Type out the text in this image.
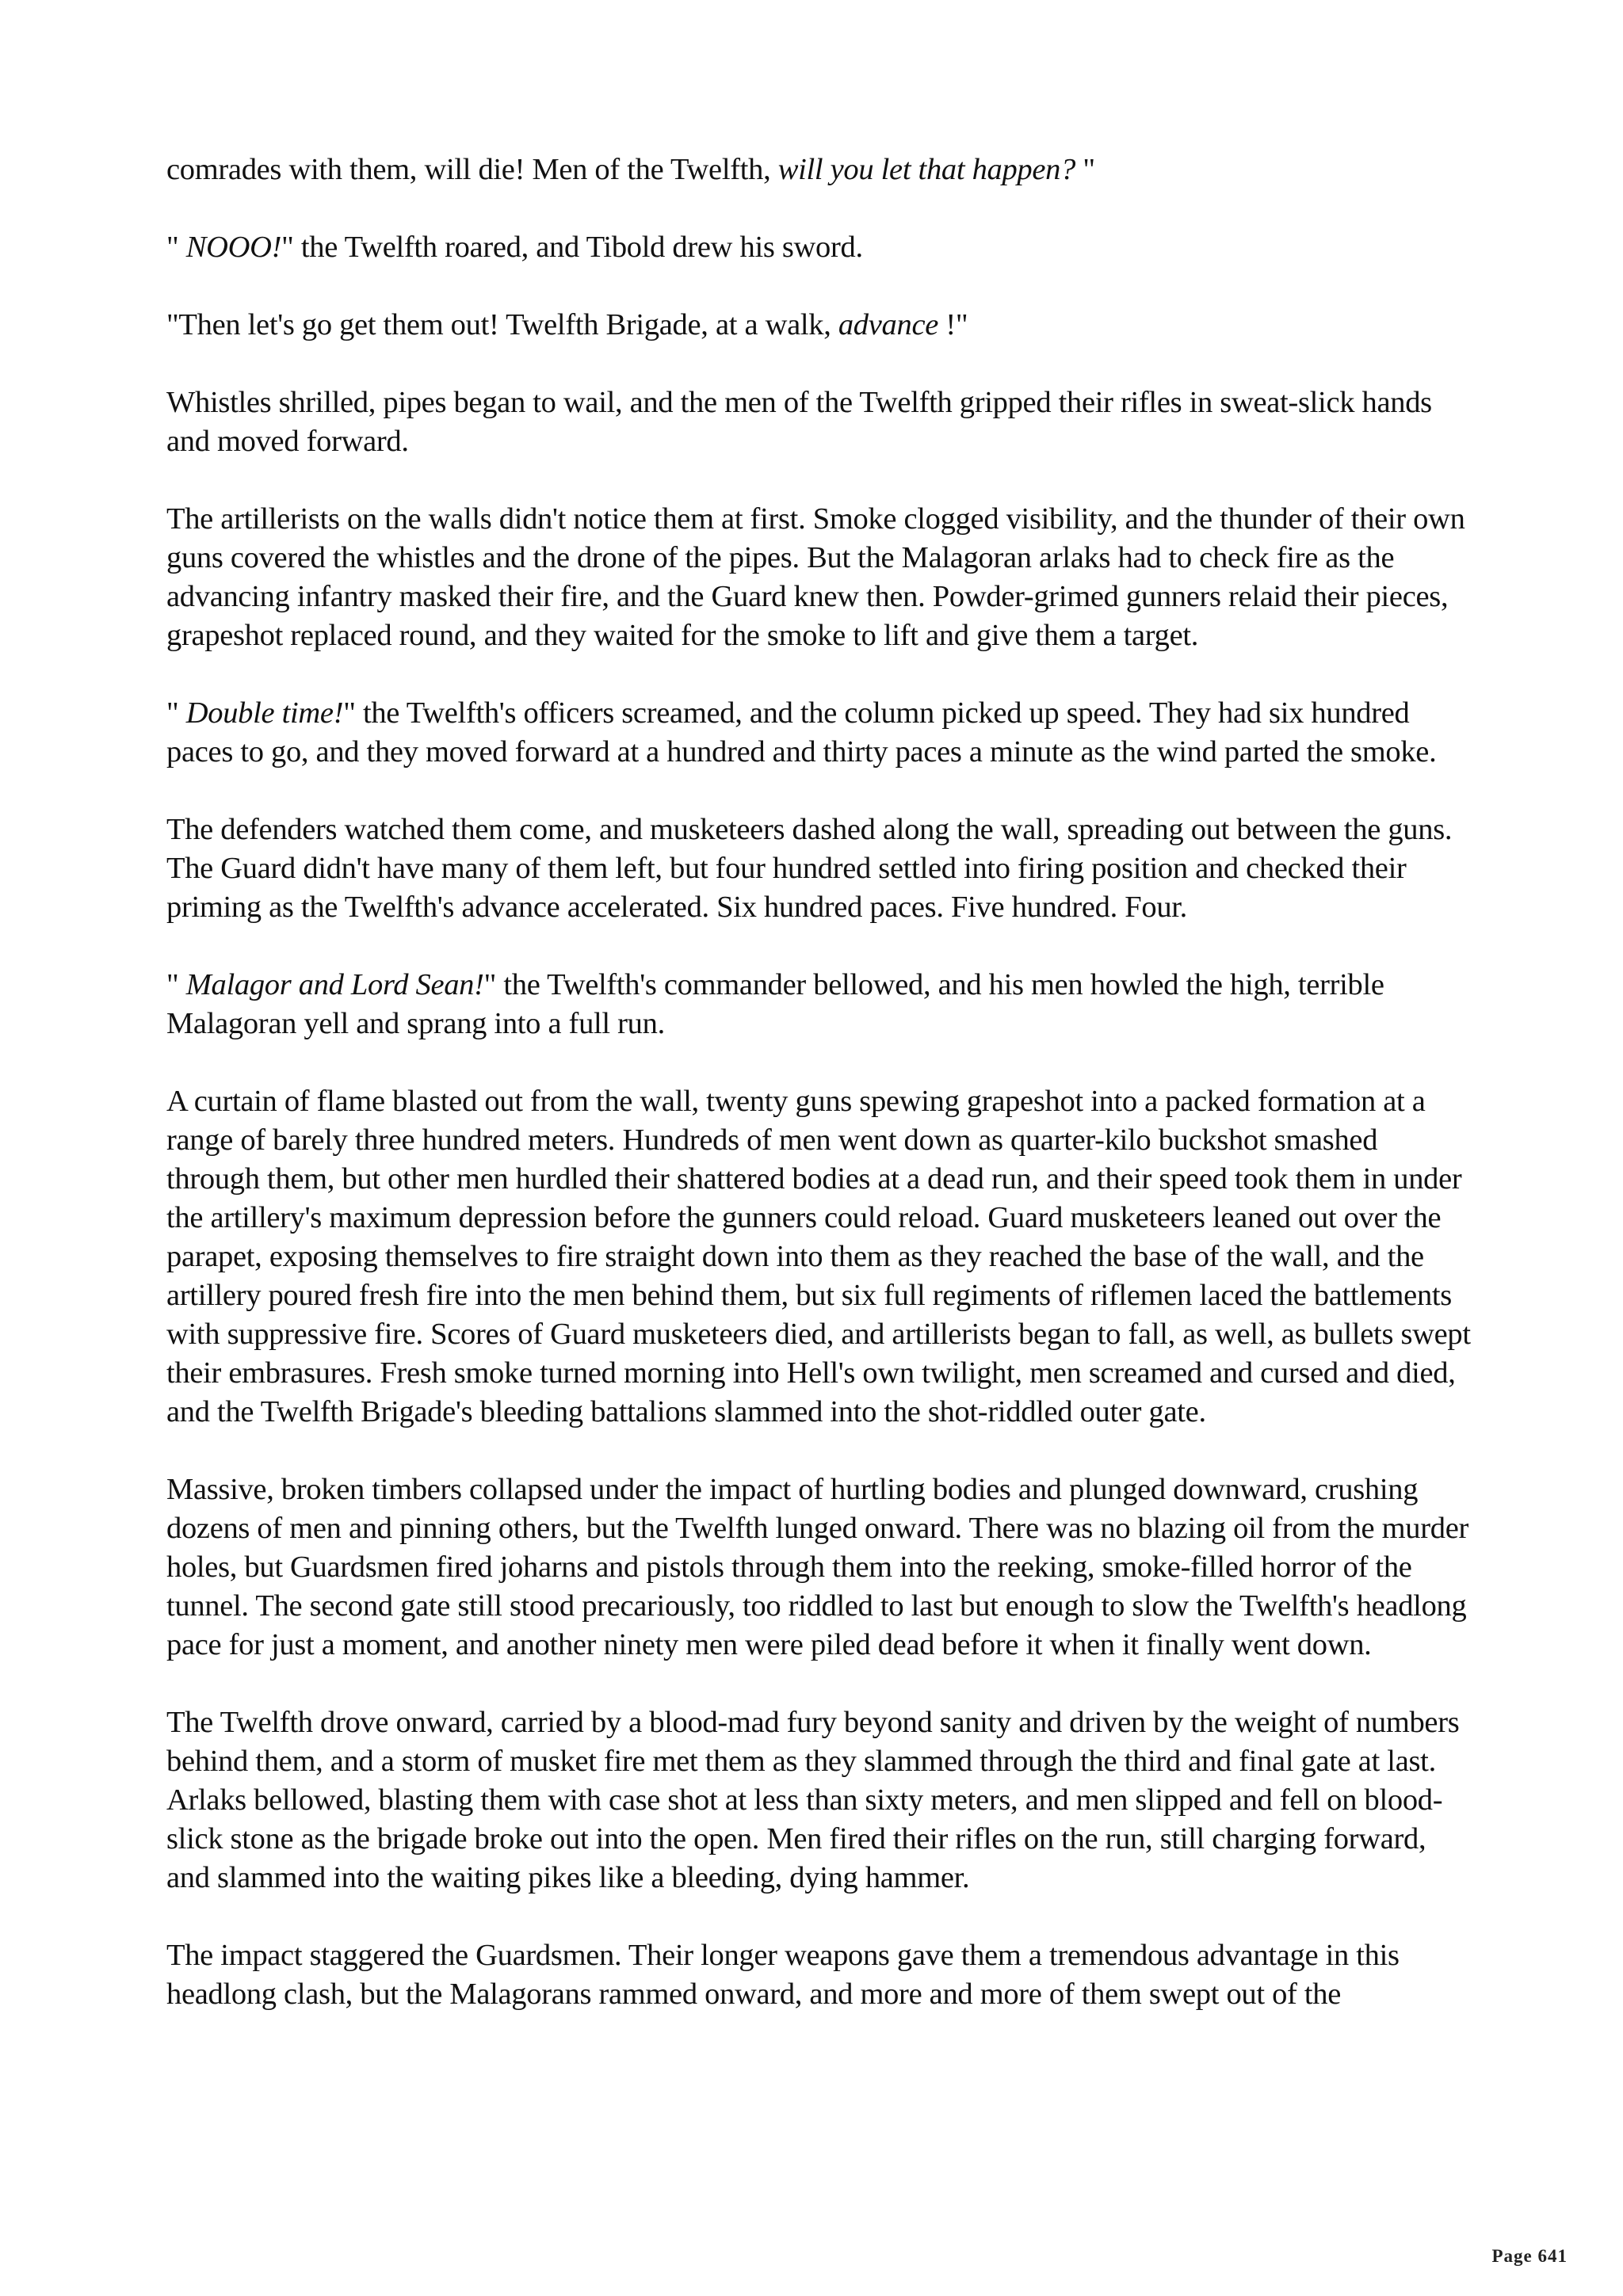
comrades with them, will die! Men of the Twelfth, will you let that happen? "

" NOOO!" the Twelfth roared, and Tibold drew his sword.

"Then let's go get them out! Twelfth Brigade, at a walk, advance !"

Whistles shrilled, pipes began to wail, and the men of the Twelfth gripped their rifles in sweat-slick hands and moved forward.

The artillerists on the walls didn't notice them at first. Smoke clogged visibility, and the thunder of their own guns covered the whistles and the drone of the pipes. But the Malagoran arlaks had to check fire as the advancing infantry masked their fire, and the Guard knew then. Powder-grimed gunners relaid their pieces, grapeshot replaced round, and they waited for the smoke to lift and give them a target.

" Double time!" the Twelfth's officers screamed, and the column picked up speed. They had six hundred paces to go, and they moved forward at a hundred and thirty paces a minute as the wind parted the smoke.

The defenders watched them come, and musketeers dashed along the wall, spreading out between the guns. The Guard didn't have many of them left, but four hundred settled into firing position and checked their priming as the Twelfth's advance accelerated. Six hundred paces. Five hundred. Four.

" Malagor and Lord Sean!" the Twelfth's commander bellowed, and his men howled the high, terrible Malagoran yell and sprang into a full run.

A curtain of flame blasted out from the wall, twenty guns spewing grapeshot into a packed formation at a range of barely three hundred meters. Hundreds of men went down as quarter-kilo buckshot smashed through them, but other men hurdled their shattered bodies at a dead run, and their speed took them in under the artillery's maximum depression before the gunners could reload. Guard musketeers leaned out over the parapet, exposing themselves to fire straight down into them as they reached the base of the wall, and the artillery poured fresh fire into the men behind them, but six full regiments of riflemen laced the battlements with suppressive fire. Scores of Guard musketeers died, and artillerists began to fall, as well, as bullets swept their embrasures. Fresh smoke turned morning into Hell's own twilight, men screamed and cursed and died, and the Twelfth Brigade's bleeding battalions slammed into the shot-riddled outer gate.

Massive, broken timbers collapsed under the impact of hurtling bodies and plunged downward, crushing dozens of men and pinning others, but the Twelfth lunged onward. There was no blazing oil from the murder holes, but Guardsmen fired joharns and pistols through them into the reeking, smoke-filled horror of the tunnel. The second gate still stood precariously, too riddled to last but enough to slow the Twelfth's headlong pace for just a moment, and another ninety men were piled dead before it when it finally went down.

The Twelfth drove onward, carried by a blood-mad fury beyond sanity and driven by the weight of numbers behind them, and a storm of musket fire met them as they slammed through the third and final gate at last. Arlaks bellowed, blasting them with case shot at less than sixty meters, and men slipped and fell on blood-slick stone as the brigade broke out into the open. Men fired their rifles on the run, still charging forward, and slammed into the waiting pikes like a bleeding, dying hammer.

The impact staggered the Guardsmen. Their longer weapons gave them a tremendous advantage in this headlong clash, but the Malagorans rammed onward, and more and more of them swept out of the

Page 641
